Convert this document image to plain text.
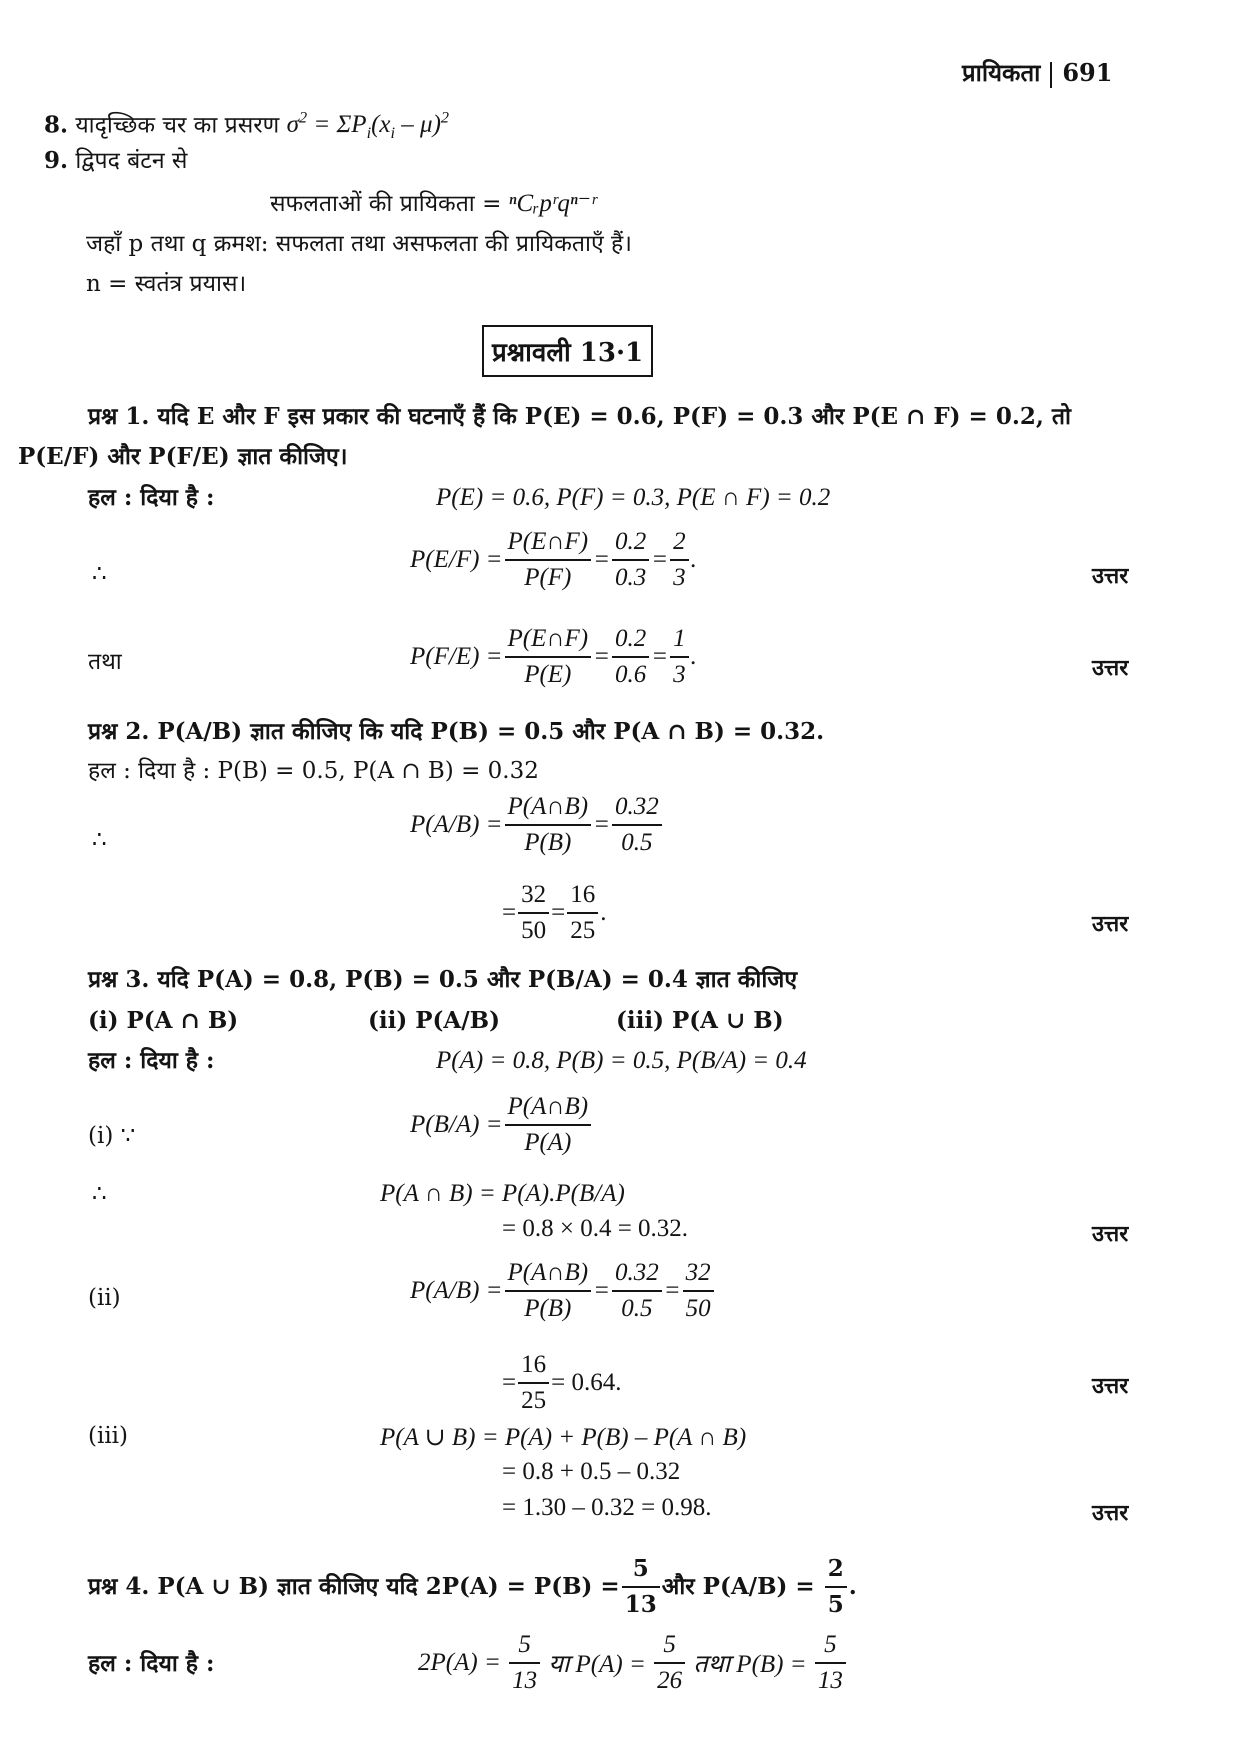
प्रायिकता 691
8. यादृच्छिक चर का प्रसरण $\sigma^2 = \Sigma P_i(x_i - \mu)^2$
9. द्विपद बंटन से
सफलताओं की प्रायिकता = ⁿCᵣpʳqⁿ⁻ʳ
जहाँ p तथा q क्रमश: सफलता तथा असफलता की प्रायिकताएँ हैं।
n = स्वतंत्र प्रयास।
प्रश्नावली 13·1
प्रश्न 1. यदि E और F इस प्रकार की घटनाएँ हैं कि P(E) = 0.6, P(F) = 0.3 और P(E ∩ F) = 0.2, तो
P(E/F) और P(F/E) ज्ञात कीजिए।
हल : दिया है :	P(E) = 0.6, P(F) = 0.3, P(E ∩ F) = 0.2
∴
$P(E/F) = \frac{P(E\cap F)}{P(F)} = \frac{0.2}{0.3} = \frac{2}{3}$ .
उत्तर
तथा	$P(F/E) = \frac{P(E\cap F)}{P(E)} = \frac{0.2}{0.6} = \frac{1}{3}$ .	उत्तर
प्रश्न 2. P(A/B) ज्ञात कीजिए कि यदि P(B) = 0.5 और P(A ∩ B) = 0.32.
हल : दिया है : P(B) = 0.5, P(A ∩ B) = 0.32
∴
$P(A/B) = \frac{P(A\cap B)}{P(B)} = \frac{0.32}{0.5}$
= $\frac{32}{50} = \frac{16}{25}$ .	उत्तर
प्रश्न 3. यदि P(A) = 0.8, P(B) = 0.5 और P(B/A) = 0.4 ज्ञात कीजिए
(i) P(A ∩ B)	(ii) P(A/B)	(iii) P(A ∪ B)
हल : दिया है :	P(A) = 0.8, P(B) = 0.5, P(B/A) = 0.4
(i) ∵	$P(B/A) = \frac{P(A\cap B)}{P(A)}$
∴	P(A ∩ B) = P(A).P(B/A)
= 0.8 × 0.4 = 0.32.	उत्तर
(ii)	$P(A/B) = \frac{P(A\cap B)}{P(B)} = \frac{0.32}{0.5} = \frac{32}{50}$
= $\frac{16}{25} = 0.64$.	उत्तर
(iii)	P(A ∪ B) = P(A) + P(B) – P(A ∩ B)
= 0.8 + 0.5 – 0.32
= 1.30 – 0.32 = 0.98.	उत्तर
प्रश्न 4. P(A ∪ B) ज्ञात कीजिए यदि $2P(A) = P(B) = \frac{5}{13}$ और P(A/B) =
$\frac{2}{5}$ .
हल : दिया है :	2P(A) =
$\frac{5}{13}$
या P(A) =
$\frac{5}{26}$
तथा P(B) =
$\frac{5}{13}$
